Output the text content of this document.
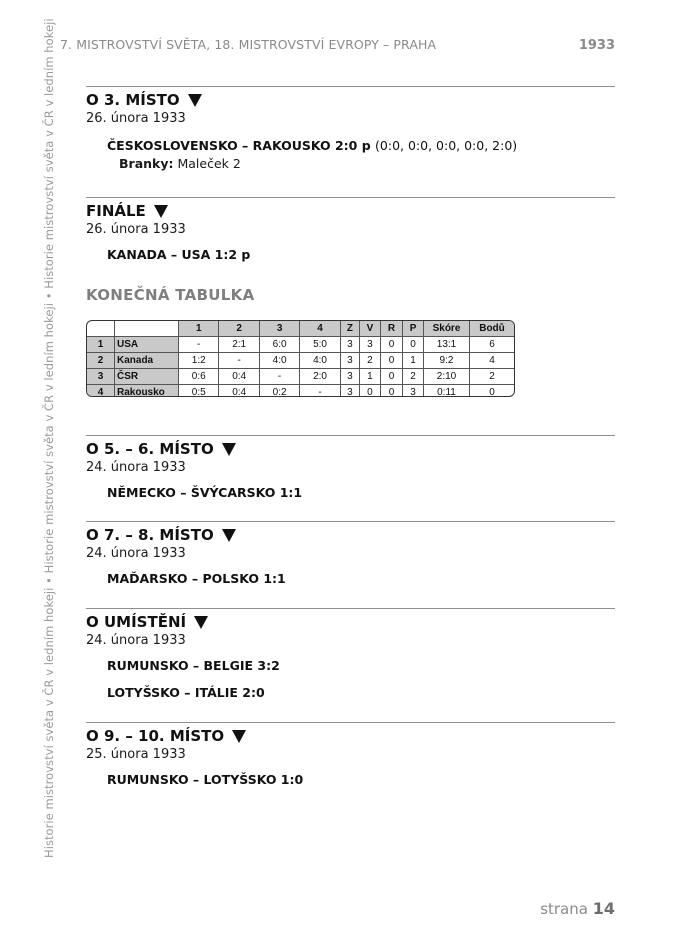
7. MISTROVSTVÍ SVĚTA, 18. MISTROVSTVÍ EVROPY – PRAHA	1933
Historie mistrovství světa v ČR v ledním hokeji • Historie mistrovství světa v ČR v ledním hokeji • Historie mistrovství světa v ČR v ledním hokeji O 3. MÍSTO
26. února 1933
ČESKOSLOVENSKO – RAKOUSKO 2:0 p (0:0, 0:0, 0:0, 0:0, 2:0)
Branky: Maleček 2
FINÁLE
26. února 1933
KANADA – USA 1:2 p
KONEČNÁ TABULKA
		1	2	3	4	Z	V	R	P	Skóre	Bodů
1	USA	-	2:1	6:0	5:0	3	3	0	0	13:1	6
2	Kanada	1:2	-	4:0	4:0	3	2	0	1	9:2	4
3	ČSR	0:6	0:4	-	2:0	3	1	0	2	2:10	2
4	Rakousko	0:5	0:4	0:2	-	3	0	0	3	0:11	0
O 5. – 6. MÍSTO
24. února 1933
NĚMECKO – ŠVÝCARSKO 1:1
O 7. – 8. MÍSTO
24. února 1933
MAĎARSKO – POLSKO 1:1
O UMÍSTĚNÍ
24. února 1933
RUMUNSKO – BELGIE 3:2
LOTYŠSKO – ITÁLIE 2:0
O 9. – 10. MÍSTO
25. února 1933
RUMUNSKO – LOTYŠSKO 1:0
strana 14
